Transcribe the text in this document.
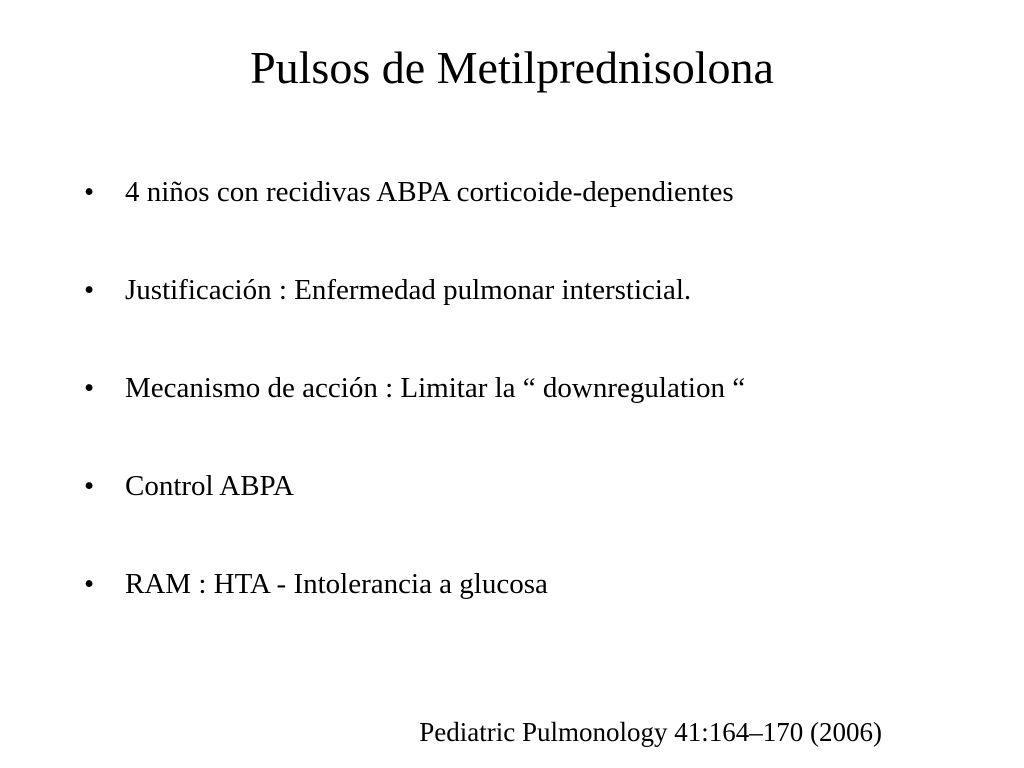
Pulsos de Metilprednisolona
•	4 niños con recidivas ABPA corticoide-dependientes
•	Justificación : Enfermedad pulmonar intersticial.
•	Mecanismo de acción : Limitar la “ downregulation “
•	Control ABPA
•	RAM : HTA - Intolerancia a glucosa
Pediatric Pulmonology 41:164–170 (2006)
